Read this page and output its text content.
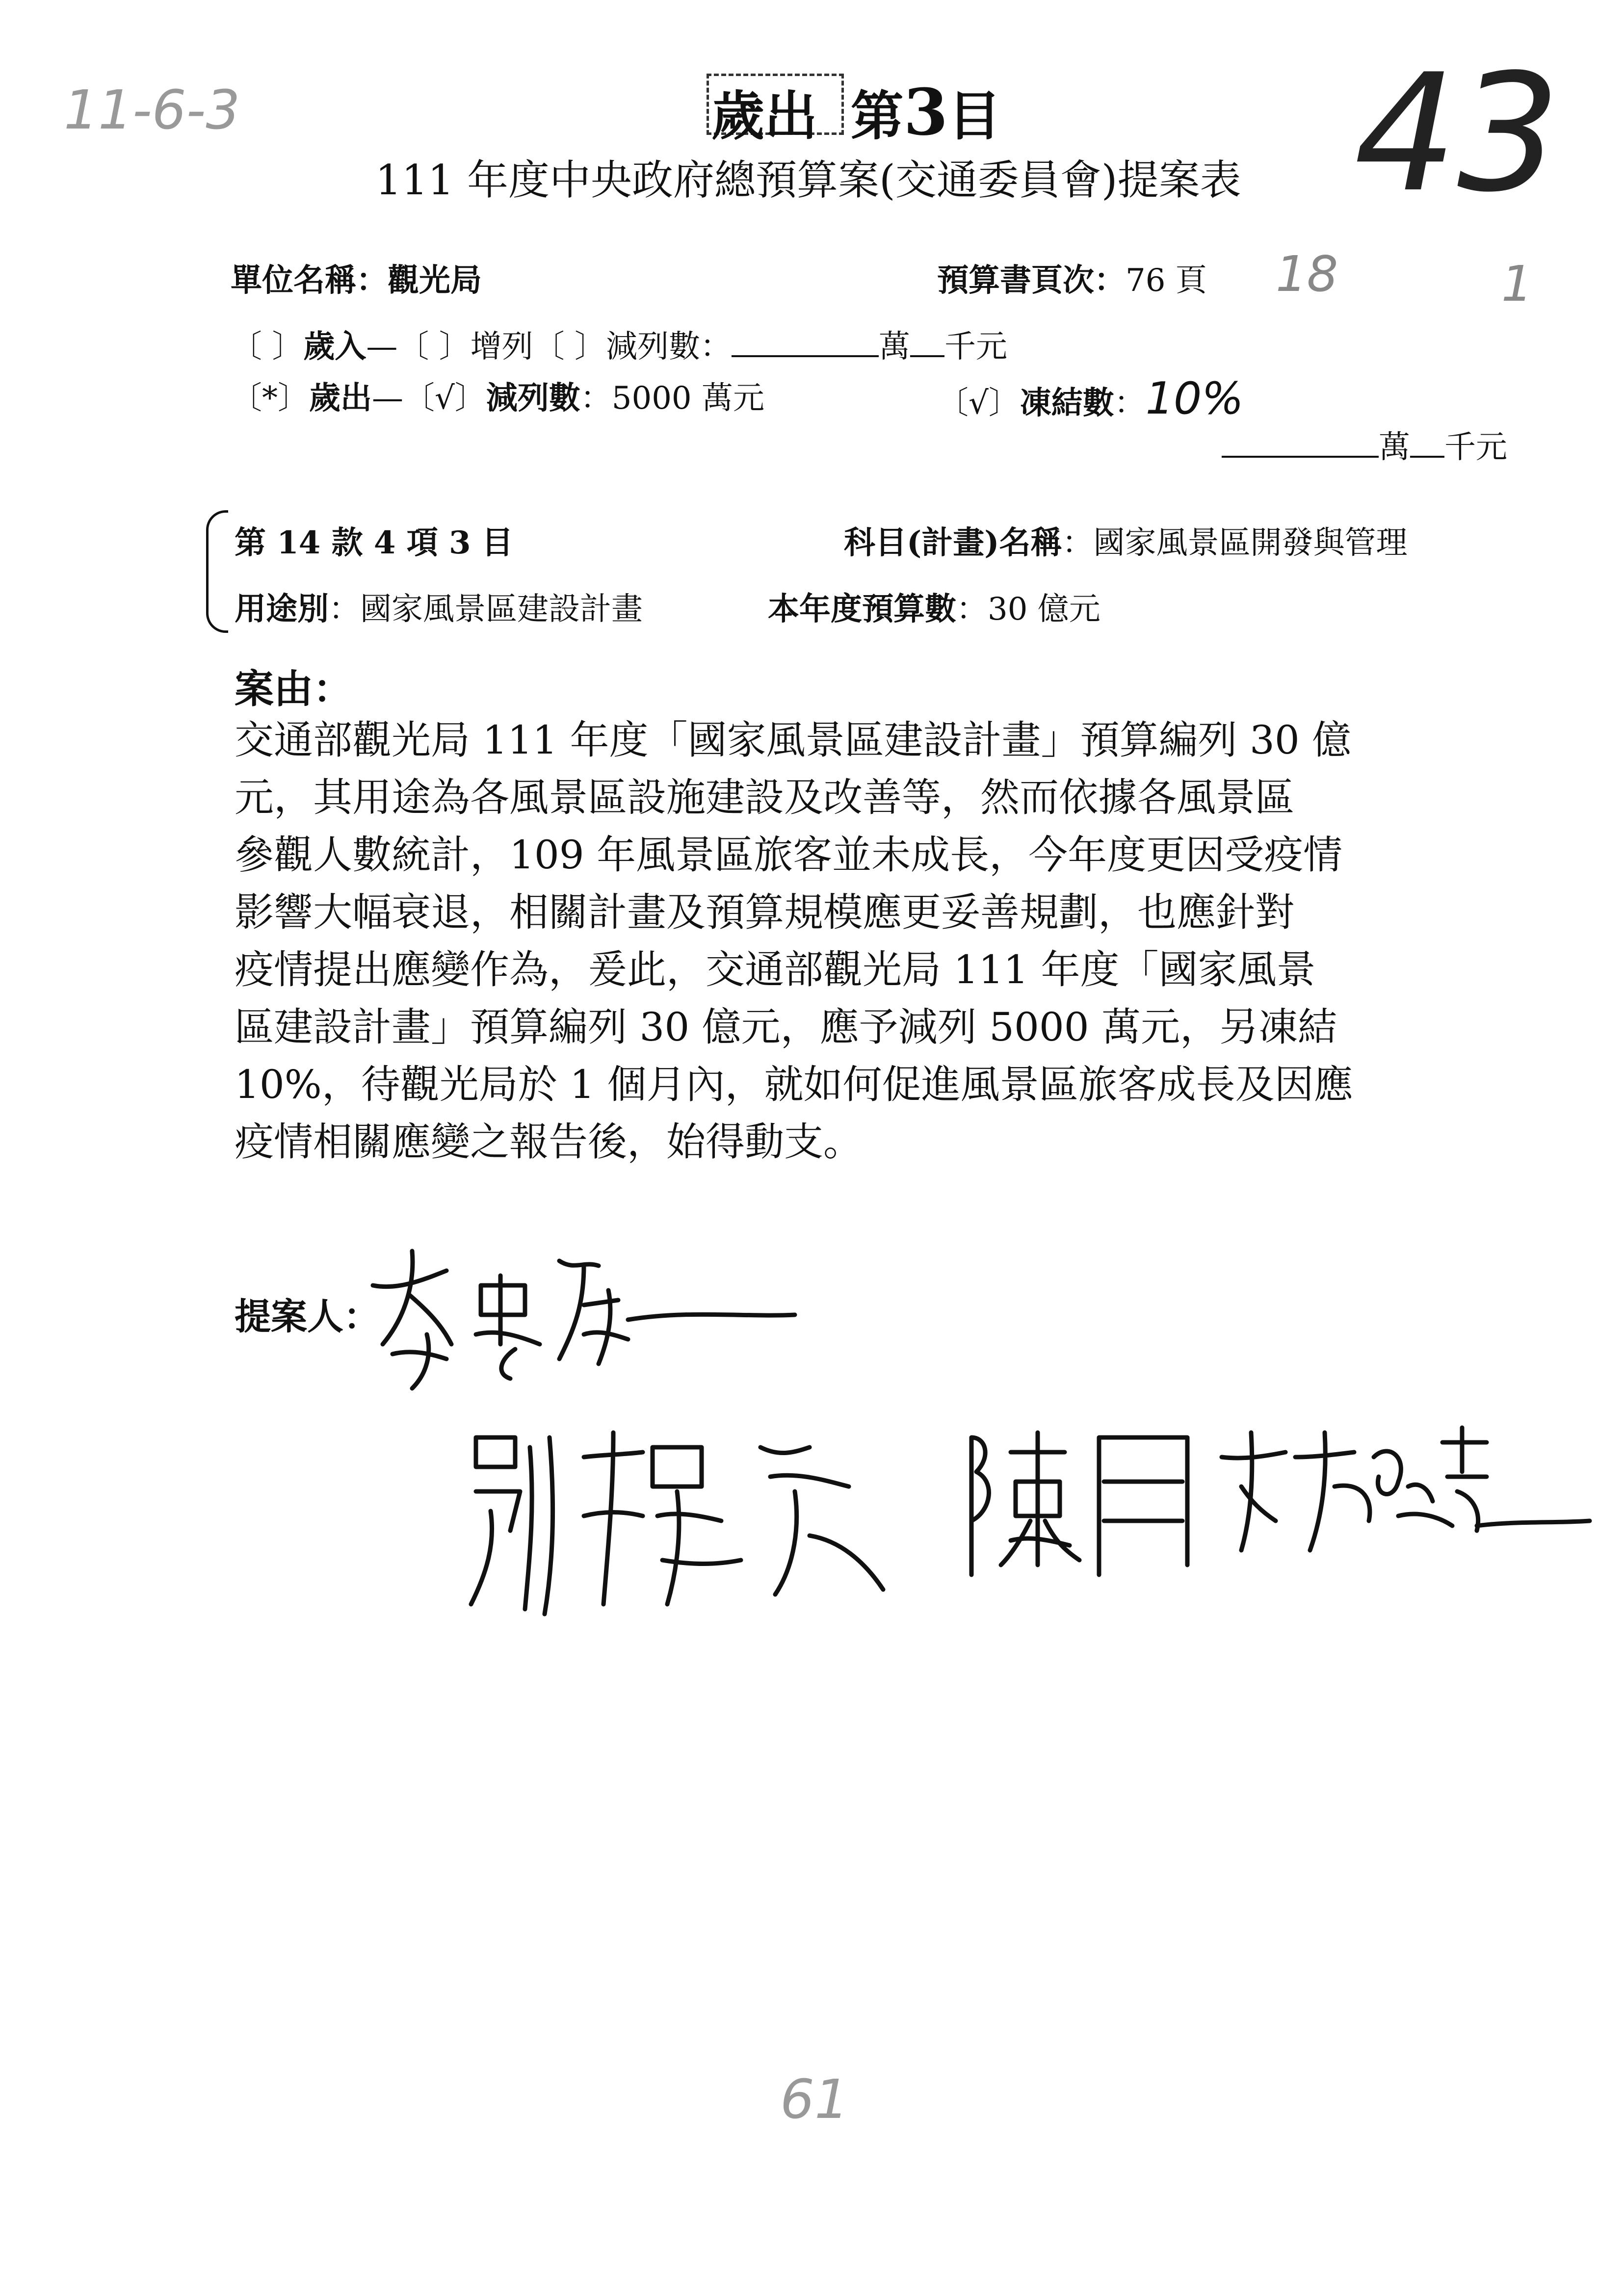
11-6-3	43
歲出 第3目
111 年度中央政府總預算案(交通委員會)提案表
單位名稱：觀光局	預算書頁次：76 頁 18	1
〔 〕歲入—〔 〕增列〔 〕減列數：	萬 千元
〔*〕歲出—〔√〕減列數：5000 萬元	〔√〕凍結數：10%
萬 千元
第 14 款 4 項 3 目	科目(計畫)名稱：國家風景區開發與管理
用途別：國家風景區建設計畫	本年度預算數：30 億元
案由：
交通部觀光局 111 年度「國家風景區建設計畫」預算編列 30 億
元，其用途為各風景區設施建設及改善等，然而依據各風景區
參觀人數統計，109 年風景區旅客並未成長，今年度更因受疫情
影響大幅衰退，相關計畫及預算規模應更妥善規劃，也應針對
疫情提出應變作為，爰此，交通部觀光局 111 年度「國家風景
區建設計畫」預算編列 30 億元，應予減列 5000 萬元，另凍結
10%，待觀光局於 1 個月內，就如何促進風景區旅客成長及因應
疫情相關應變之報告後，始得動支。
提案人：
61
